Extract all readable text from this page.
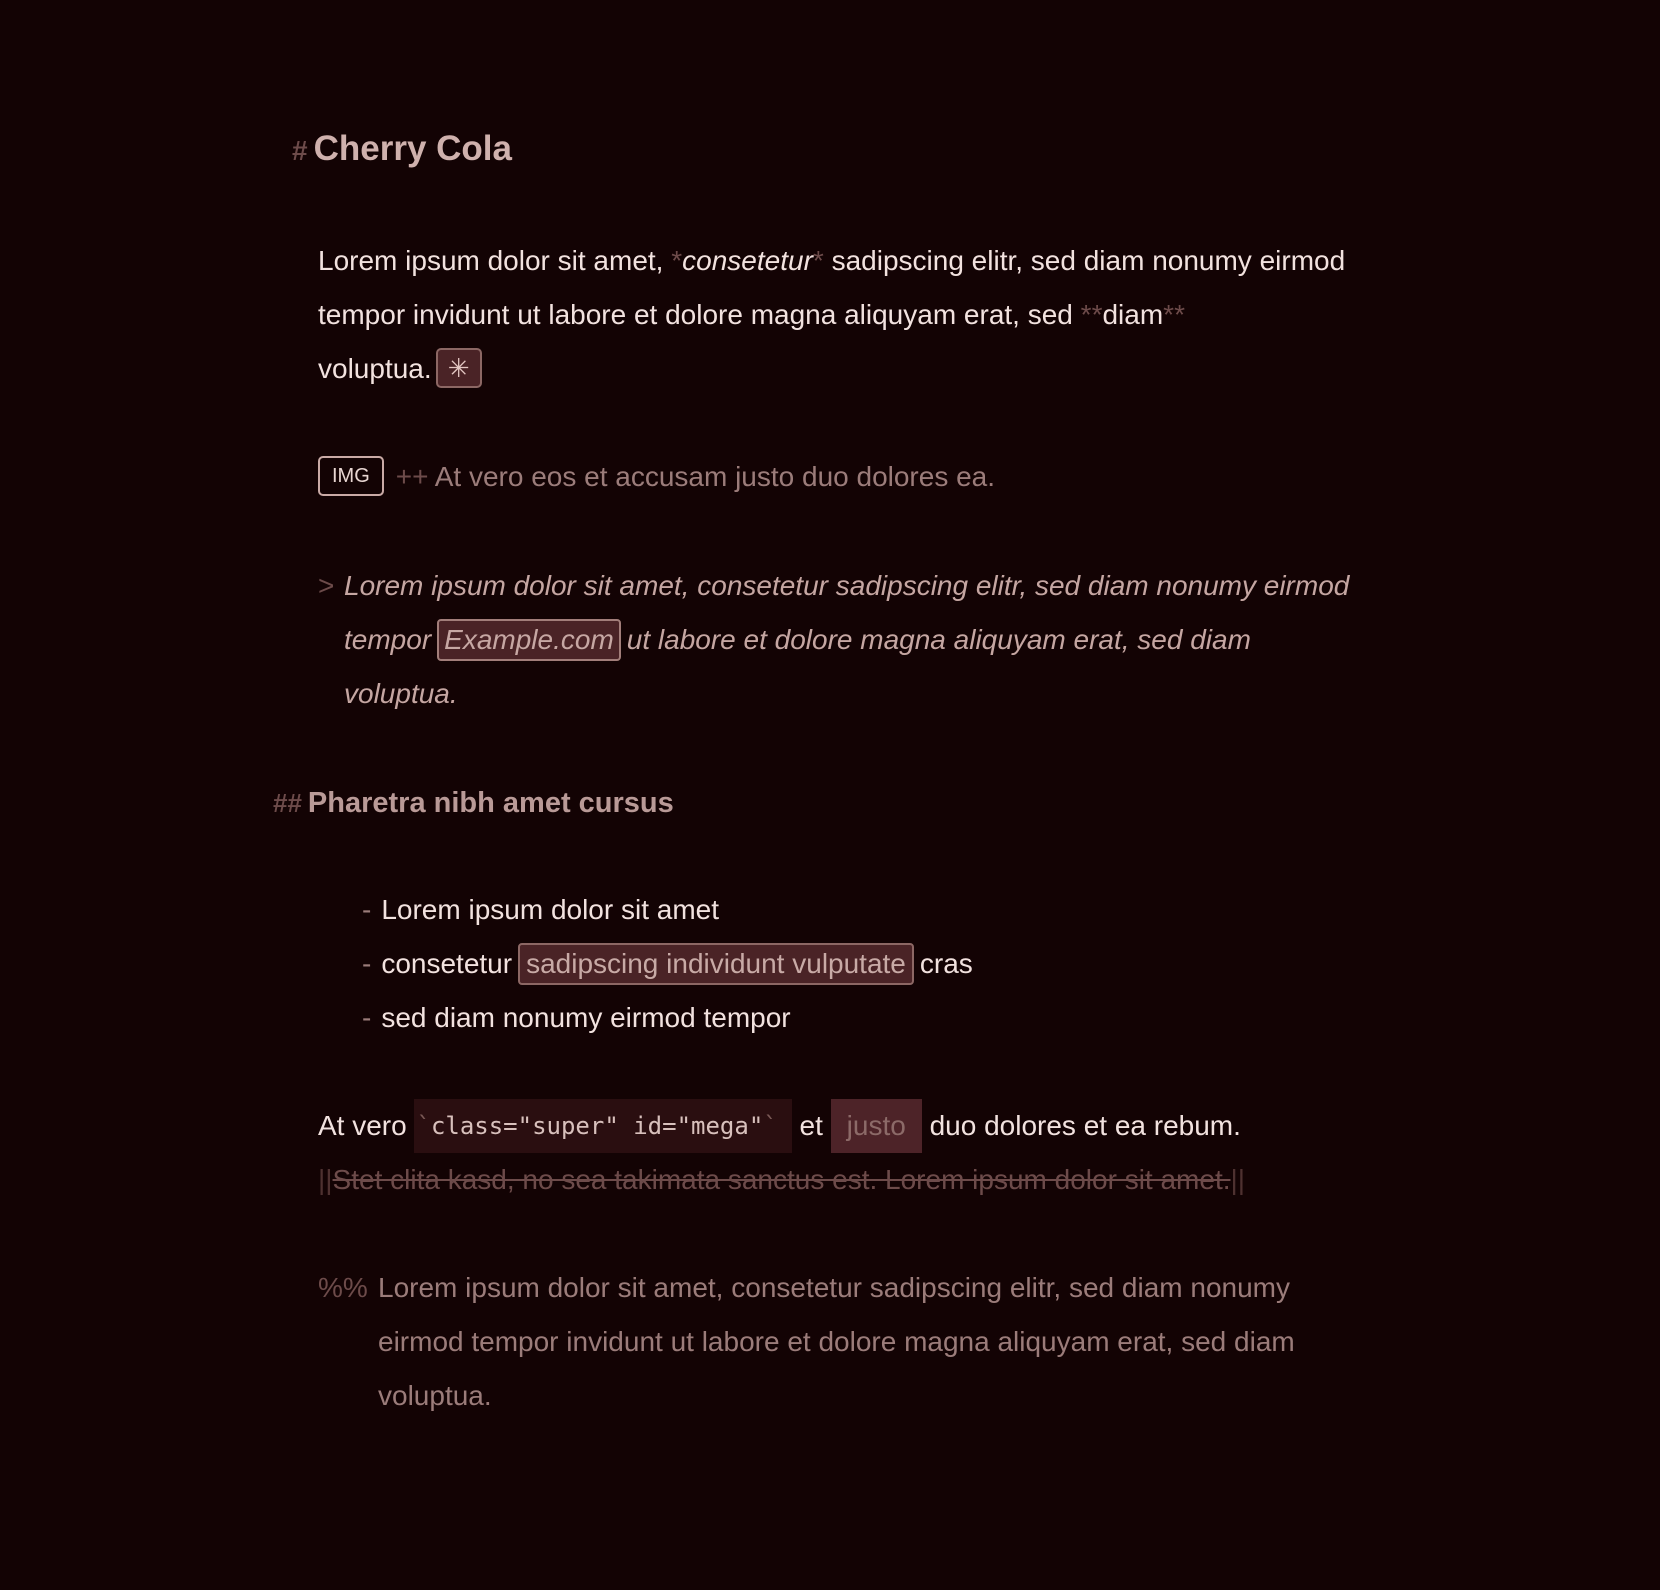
# Cherry Cola
Lorem ipsum dolor sit amet, *consetetur* sadipscing elitr, sed diam nonumy eirmod tempor invidunt ut labore et dolore magna aliquyam erat, sed **diam**
voluptua. ✳
IMG ++ At vero eos et accusam justo duo dolores ea.
> Lorem ipsum dolor sit amet, consetetur sadipscing elitr, sed diam nonumy eirmod tempor Example.com ut labore et dolore magna aliquyam erat, sed diam voluptua.
## Pharetra nibh amet cursus
- Lorem ipsum dolor sit amet
- consetetur sadipscing individunt vulputate cras
- sed diam nonumy eirmod tempor
At vero `class="super" id="mega"` et justo duo dolores et ea rebum.
||Stet clita kasd, no sea takimata sanctus est. Lorem ipsum dolor sit amet.||
%% Lorem ipsum dolor sit amet, consetetur sadipscing elitr, sed diam nonumy eirmod tempor invidunt ut labore et dolore magna aliquyam erat, sed diam voluptua.
